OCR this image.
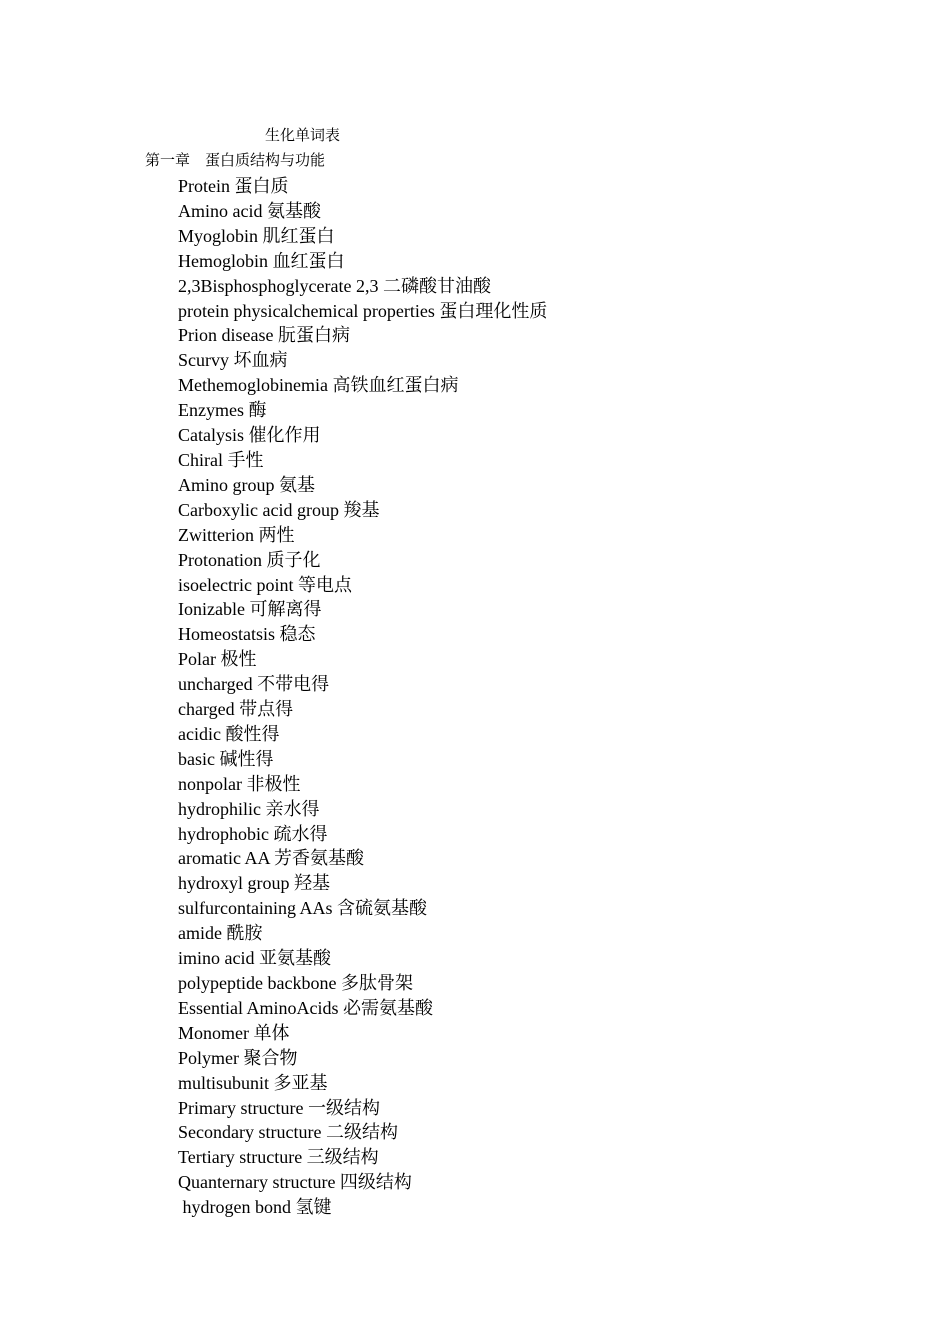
生化单词表
第一章    蛋白质结构与功能
Protein 蛋白质
Amino acid 氨基酸
Myoglobin 肌红蛋白
Hemoglobin 血红蛋白
2,3Bisphosphoglycerate 2,3 二磷酸甘油酸
protein physicalchemical properties 蛋白理化性质
Prion disease 朊蛋白病
Scurvy 坏血病
Methemoglobinemia 高铁血红蛋白病
Enzymes 酶
Catalysis 催化作用
Chiral 手性
Amino group 氨基
Carboxylic acid group 羧基
Zwitterion 两性
Protonation 质子化
isoelectric point 等电点
Ionizable 可解离得
Homeostatsis 稳态
Polar 极性
uncharged 不带电得
charged 带点得
acidic 酸性得
basic 碱性得
nonpolar 非极性
hydrophilic 亲水得
hydrophobic 疏水得
aromatic AA 芳香氨基酸
hydroxyl group 羟基
sulfurcontaining AAs 含硫氨基酸
amide 酰胺
imino acid 亚氨基酸
polypeptide backbone 多肽骨架
Essential AminoAcids 必需氨基酸
Monomer 单体
Polymer 聚合物
multisubunit 多亚基
Primary structure 一级结构
Secondary structure 二级结构
Tertiary structure 三级结构
Quanternary structure 四级结构
hydrogen bond 氢键
